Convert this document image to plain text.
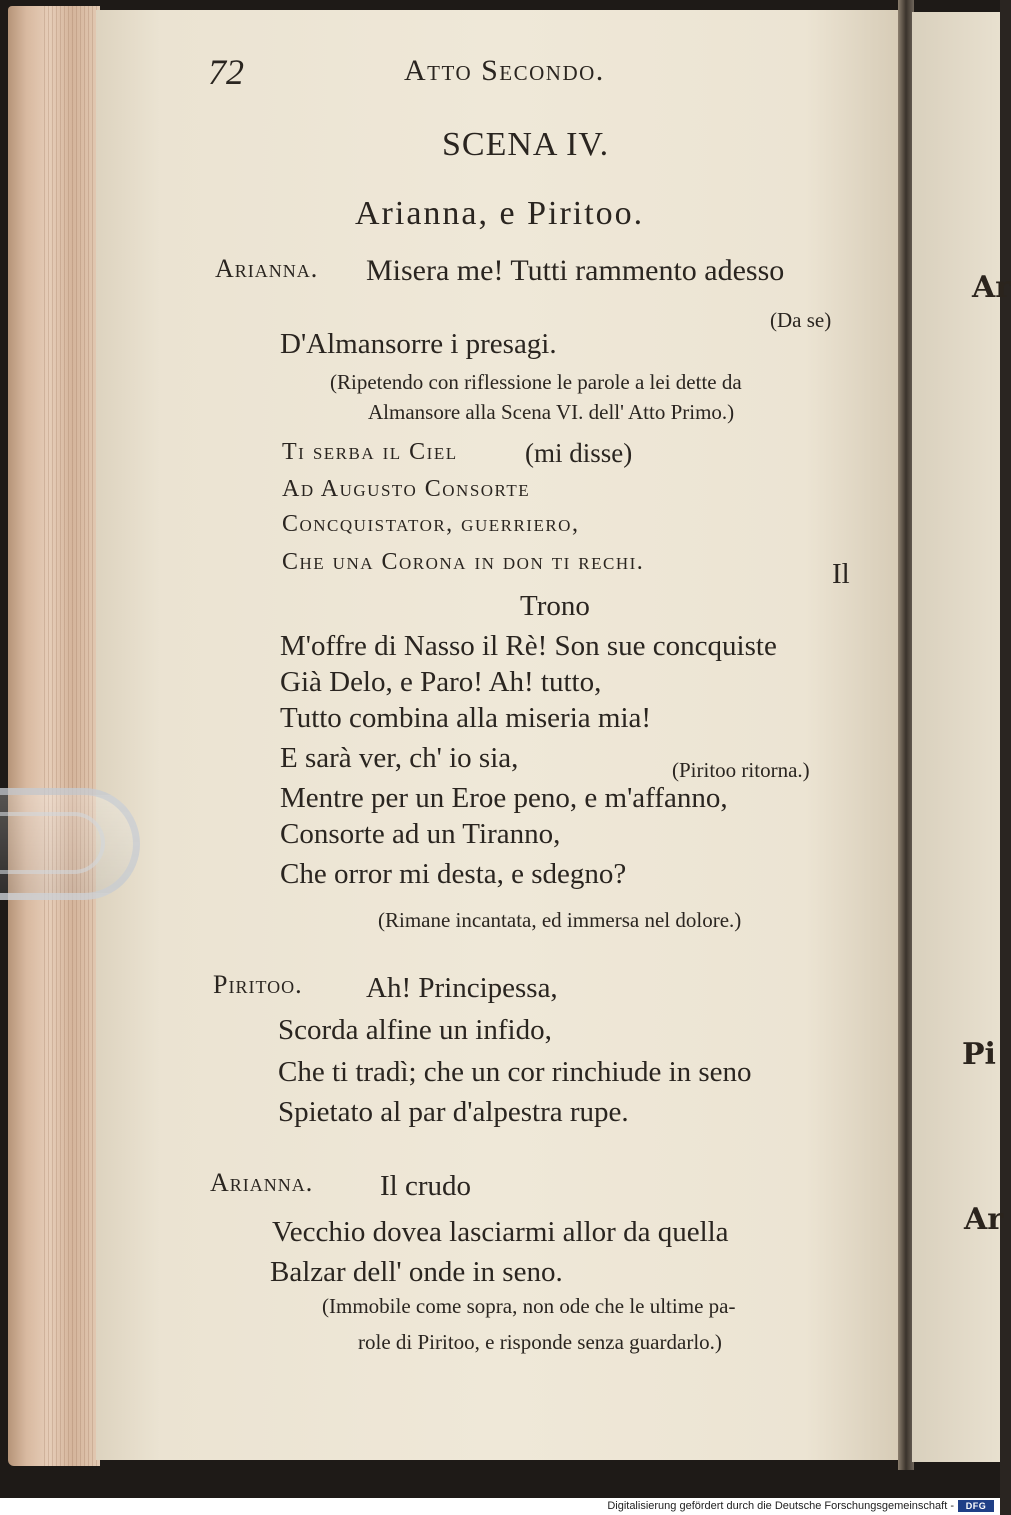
Ar
Pi
Ar
72	Atto Secondo.
SCENA IV.
Arianna, e Piritoo.
Arianna. Misera me! Tutti rammento adesso
(Da se)
D'Almansorre i presagi.
(Ripetendo con riflessione le parole a lei dette da
Almansore alla Scena VI. dell' Atto Primo.)
Ti serba il Ciel (mi disse)
Ad Augusto Consorte
Concquistator, guerriero,
Che una Corona in don ti rechi.	Il
Trono
M'offre di Nasso il Rè! Son sue concquiste
Già Delo, e Paro! Ah! tutto,
Tutto combina alla miseria mia!
E sarà ver, ch' io sia,	(Piritoo ritorna.)
Mentre per un Eroe peno, e m'affanno,
Consorte ad un Tiranno,
Che orror mi desta, e sdegno?
(Rimane incantata, ed immersa nel dolore.)
Piritoo. Ah! Principessa,
Scorda alfine un infido,
Che ti tradì; che un cor rinchiude in seno
Spietato al par d'alpestra rupe.
Arianna. Il crudo
Vecchio dovea lasciarmi allor da quella
Balzar dell' onde in seno.
(Immobile come sopra, non ode che le ultime pa-
role di Piritoo, e risponde senza guardarlo.)
Digitalisierung gefördert durch die Deutsche Forschungsgemeinschaft -	DFG
